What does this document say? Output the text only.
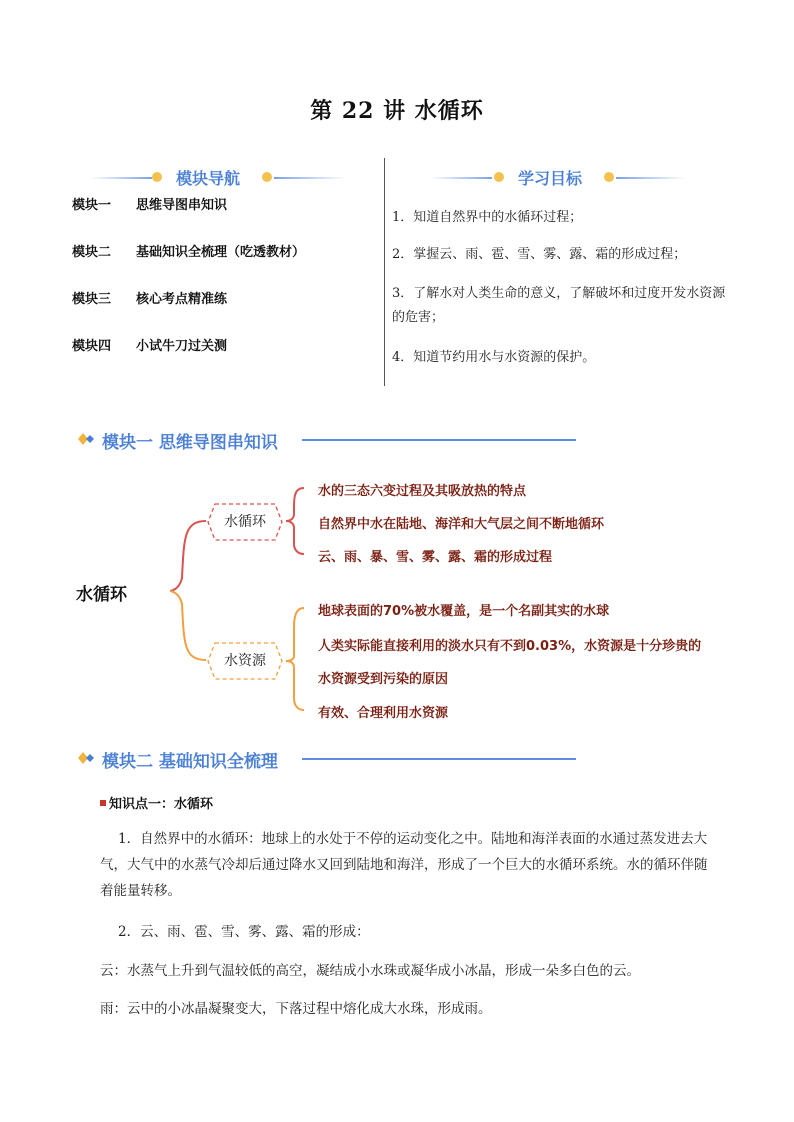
第 22 讲 水循环
模块导航
模块一 思维导图串知识
模块二 基础知识全梳理（吃透教材）
模块三 核心考点精准练
模块四 小试牛刀过关测
学习目标
1．知道自然界中的水循环过程；
2．掌握云、雨、雹、雪、雾、露、霜的形成过程；
3．了解水对人类生命的意义，了解破坏和过度开发水资源的危害；
4．知道节约用水与水资源的保护。
模块一 思维导图串知识
水循环
水循环
水资源
水的三态六变过程及其吸放热的特点
自然界中水在陆地、海洋和大气层之间不断地循环
云、雨、暴、雪、雾、露、霜的形成过程
地球表面的70%被水覆盖，是一个名副其实的水球
人类实际能直接利用的淡水只有不到0.03%，水资源是十分珍贵的
水资源受到污染的原因
有效、合理利用水资源
模块二 基础知识全梳理
知识点一：水循环
1．自然界中的水循环：地球上的水处于不停的运动变化之中。陆地和海洋表面的水通过蒸发进去大气，大气中的水蒸气冷却后通过降水又回到陆地和海洋，形成了一个巨大的水循环系统。水的循环伴随着能量转移。
2．云、雨、雹、雪、雾、露、霜的形成：
云：水蒸气上升到气温较低的高空，凝结成小水珠或凝华成小冰晶，形成一朵多白色的云。
雨：云中的小冰晶凝聚变大，下落过程中熔化成大水珠，形成雨。
